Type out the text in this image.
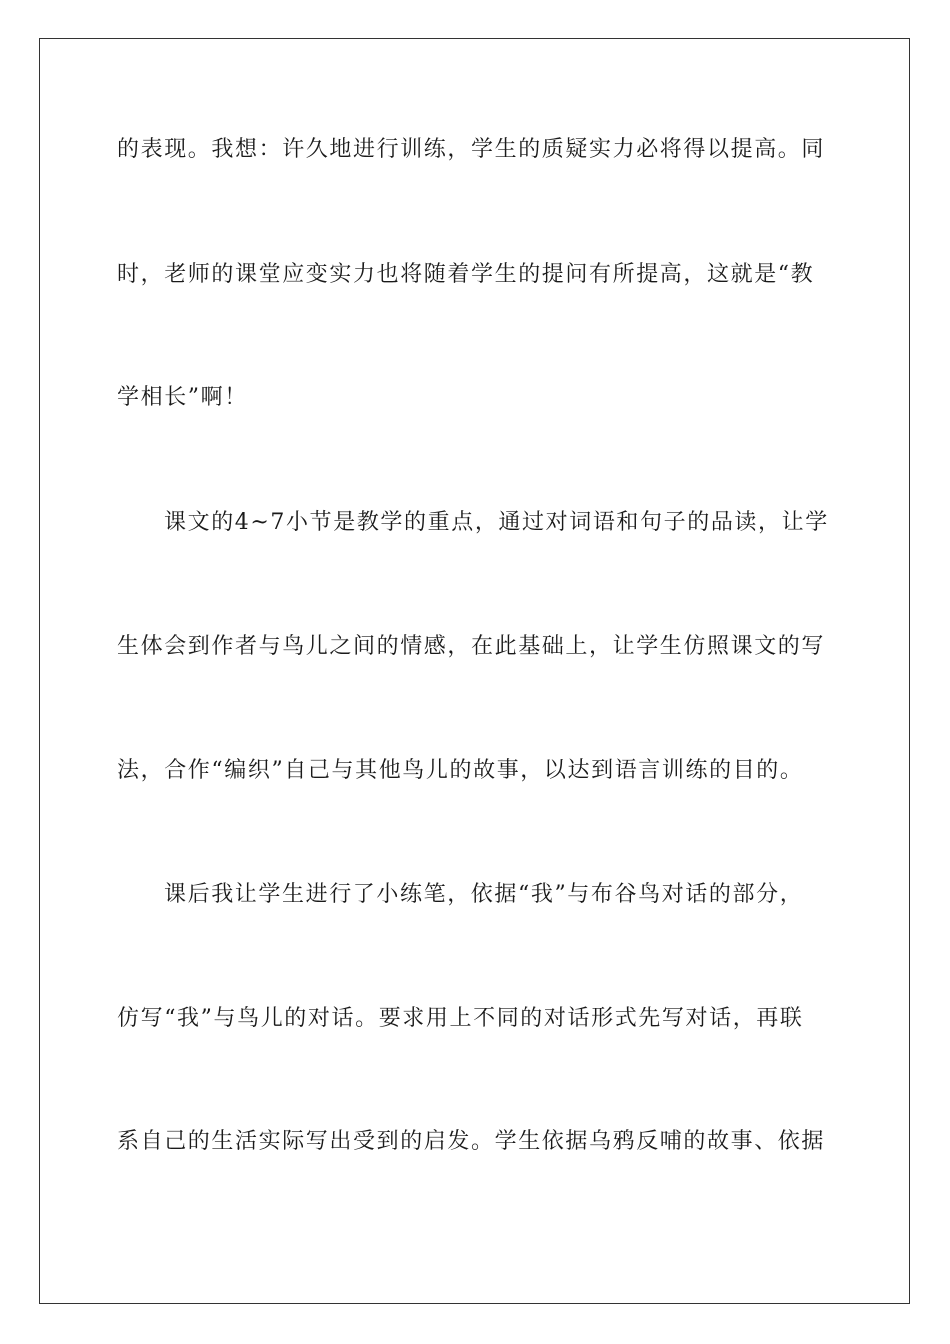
的表现。我想：许久地进行训练，学生的质疑实力必将得以提高。同
时，老师的课堂应变实力也将随着学生的提问有所提高，这就是“教
学相长”啊！
课文的4~7小节是教学的重点，通过对词语和句子的品读，让学
生体会到作者与鸟儿之间的情感，在此基础上，让学生仿照课文的写
法，合作“编织”自己与其他鸟儿的故事，以达到语言训练的目的。
课后我让学生进行了小练笔，依据“我”与布谷鸟对话的部分，
仿写“我”与鸟儿的对话。要求用上不同的对话形式先写对话，再联
系自己的生活实际写出受到的启发。学生依据乌鸦反哺的故事、依据
